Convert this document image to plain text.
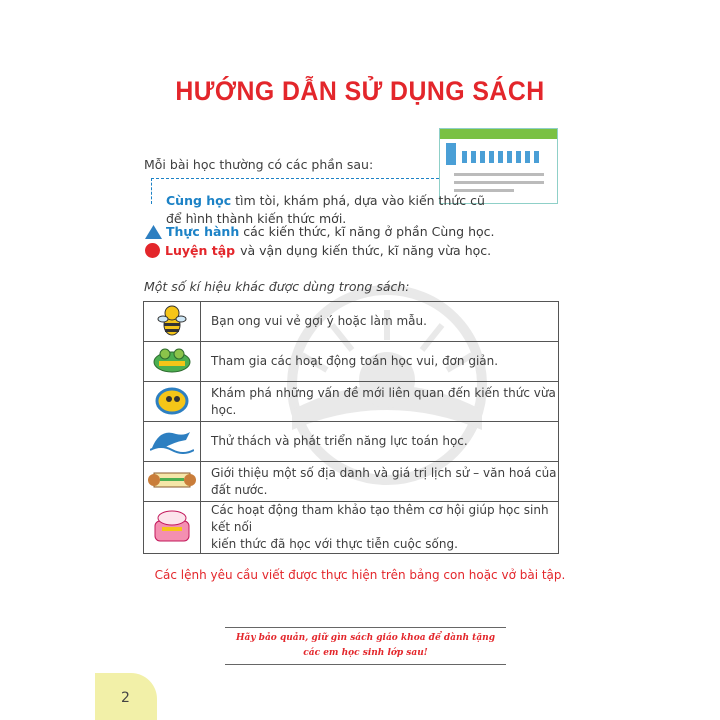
HƯỚNG DẪN SỬ DỤNG SÁCH
Mỗi bài học thường có các phần sau:
Cùng học tìm tòi, khám phá, dựa vào kiến thức cũ
để hình thành kiến thức mới.
Thực hành các kiến thức, kĩ năng ở phần Cùng học.
Luyện tập và vận dụng kiến thức, kĩ năng vừa học.
Một số kí hiệu khác được dùng trong sách:
	Bạn ong vui vẻ gợi ý hoặc làm mẫu.
	Tham gia các hoạt động toán học vui, đơn giản.
	Khám phá những vấn đề mới liên quan đến kiến thức vừa học.
	Thử thách và phát triển năng lực toán học.
	Giới thiệu một số địa danh và giá trị lịch sử – văn hoá của đất nước.
	Các hoạt động tham khảo tạo thêm cơ hội giúp học sinh kết nối
kiến thức đã học với thực tiễn cuộc sống.
Các lệnh yêu cầu viết được thực hiện trên bảng con hoặc vở bài tập.
Hãy bảo quản, giữ gìn sách giáo khoa để dành tặng
các em học sinh lớp sau!
2
